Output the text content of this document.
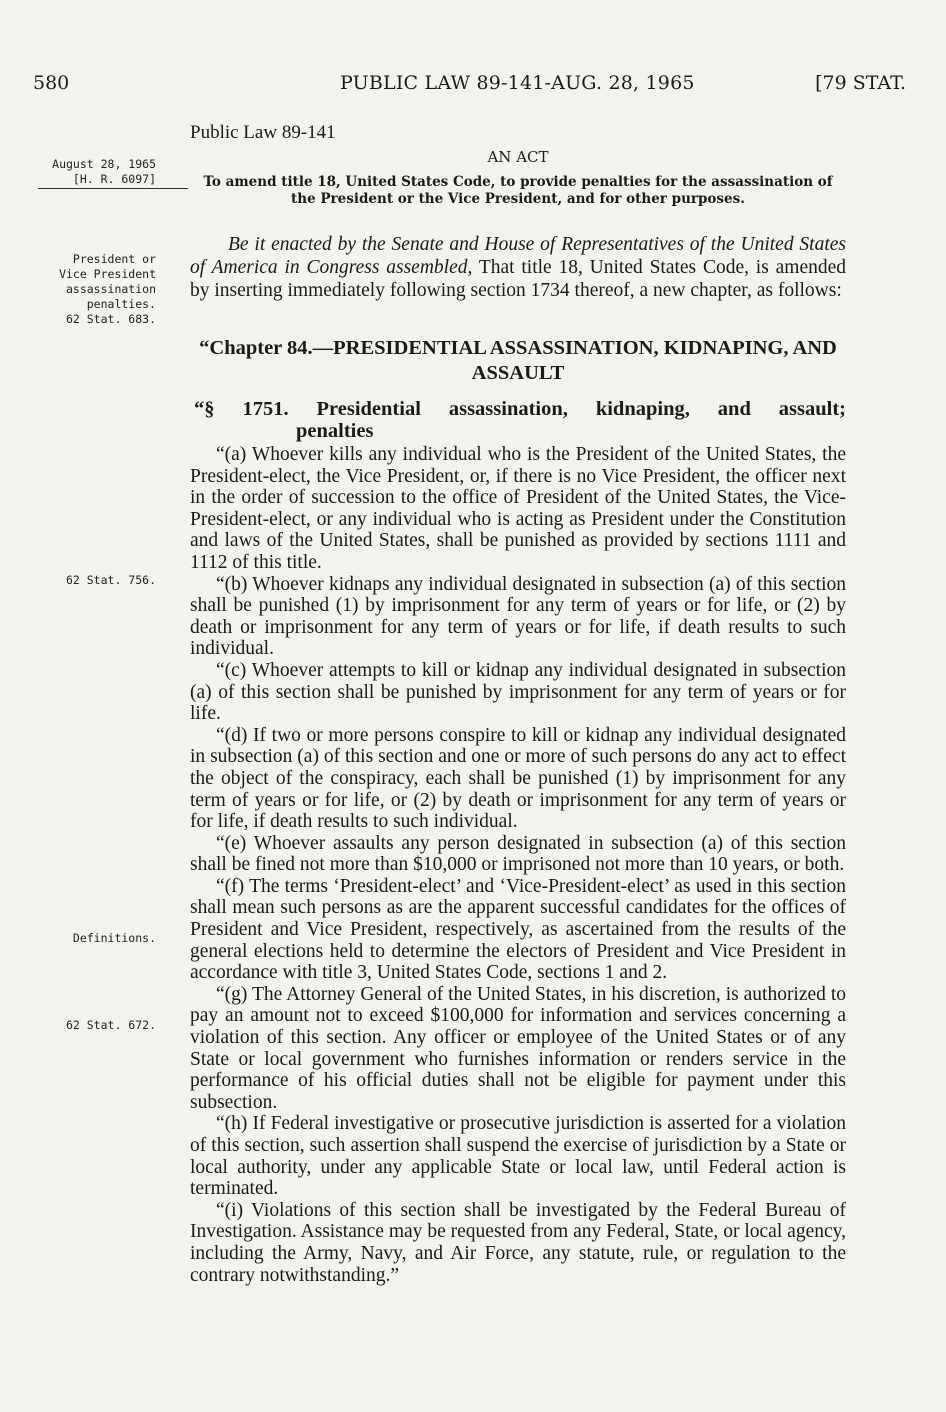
580	PUBLIC LAW 89-141-AUG. 28, 1965	[79 STAT.
Public Law 89-141
AN ACT
August 28, 1965
[H. R. 6097]	To amend title 18, United States Code, to provide penalties for the assassination of the President or the Vice President, and for other purposes.
President or
Vice President
assassination
penalties.
62 Stat. 683.
62 Stat. 756.
Definitions.
62 Stat. 672.
Be it enacted by the Senate and House of Representatives of the United States of America in Congress assembled, That title 18, United States Code, is amended by inserting immediately following section 1734 thereof, a new chapter, as follows:
“Chapter 84.—PRESIDENTIAL ASSASSINATION, KIDNAPING, AND ASSAULT
“§ 1751. Presidential assassination, kidnaping, and assault;
penalties

“(a) Whoever kills any individual who is the President of the United States, the President-elect, the Vice President, or, if there is no Vice President, the officer next in the order of succession to the office of President of the United States, the Vice-President-elect, or any individual who is acting as President under the Constitution and laws of the United States, shall be punished as provided by sections 1111 and 1112 of this title.

“(b) Whoever kidnaps any individual designated in subsection (a) of this section shall be punished (1) by imprisonment for any term of years or for life, or (2) by death or imprisonment for any term of years or for life, if death results to such individual.

“(c) Whoever attempts to kill or kidnap any individual designated in subsection (a) of this section shall be punished by imprisonment for any term of years or for life.

“(d) If two or more persons conspire to kill or kidnap any individual designated in subsection (a) of this section and one or more of such persons do any act to effect the object of the conspiracy, each shall be punished (1) by imprisonment for any term of years or for life, or (2) by death or imprisonment for any term of years or for life, if death results to such individual.

“(e) Whoever assaults any person designated in subsection (a) of this section shall be fined not more than $10,000 or imprisoned not more than 10 years, or both.

“(f) The terms ‘President-elect’ and ‘Vice-President-elect’ as used in this section shall mean such persons as are the apparent successful candidates for the offices of President and Vice President, respectively, as ascertained from the results of the general elections held to determine the electors of President and Vice President in accordance with title 3, United States Code, sections 1 and 2.

“(g) The Attorney General of the United States, in his discretion, is authorized to pay an amount not to exceed $100,000 for information and services concerning a violation of this section. Any officer or employee of the United States or of any State or local government who furnishes information or renders service in the performance of his official duties shall not be eligible for payment under this subsection.

“(h) If Federal investigative or prosecutive jurisdiction is asserted for a violation of this section, such assertion shall suspend the exercise of jurisdiction by a State or local authority, under any applicable State or local law, until Federal action is terminated.

“(i) Violations of this section shall be investigated by the Federal Bureau of Investigation. Assistance may be requested from any Federal, State, or local agency, including the Army, Navy, and Air Force, any statute, rule, or regulation to the contrary notwithstanding.”
